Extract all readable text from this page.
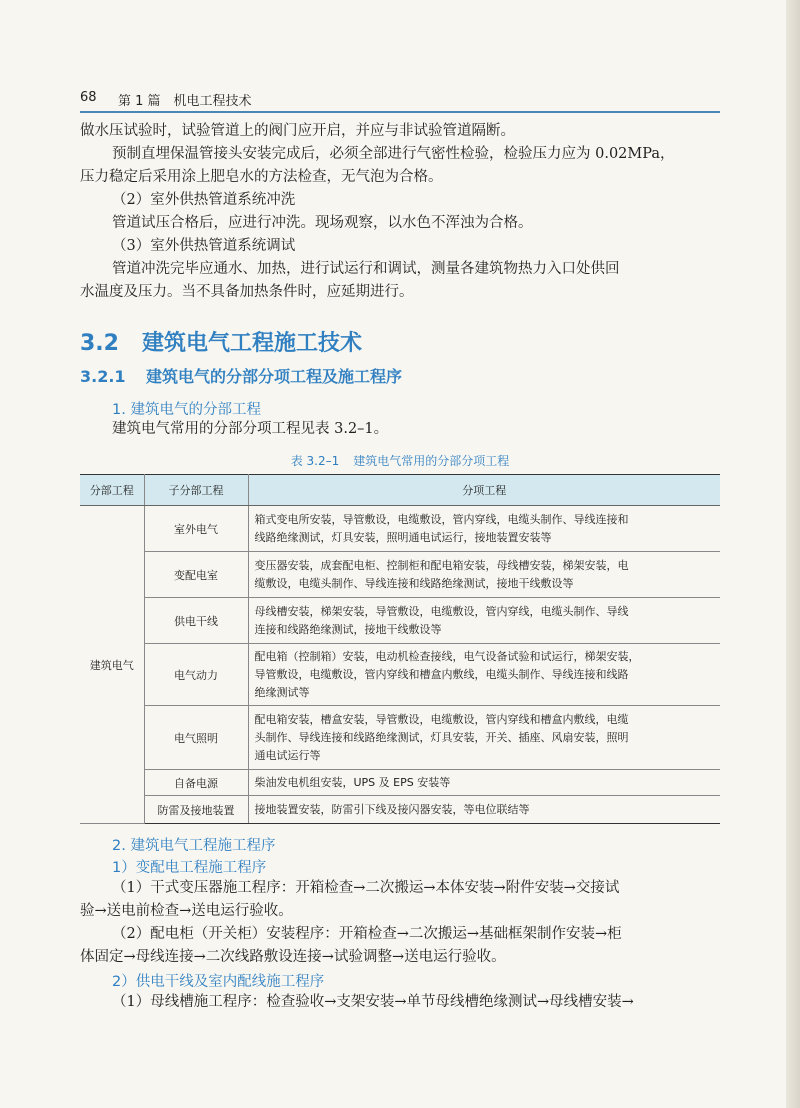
68 第 1 篇　机电工程技术
做水压试验时，试验管道上的阀门应开启，并应与非试验管道隔断。
预制直埋保温管接头安装完成后，必须全部进行气密性检验，检验压力应为 0.02MPa，
压力稳定后采用涂上肥皂水的方法检查，无气泡为合格。
（2）室外供热管道系统冲洗
管道试压合格后，应进行冲洗。现场观察，以水色不浑浊为合格。
（3）室外供热管道系统调试
管道冲洗完毕应通水、加热，进行试运行和调试，测量各建筑物热力入口处供回
水温度及压力。当不具备加热条件时，应延期进行。
3.2 建筑电气工程施工技术
3.2.1 建筑电气的分部分项工程及施工程序
1. 建筑电气的分部工程
建筑电气常用的分部分项工程见表 3.2–1。
表 3.2–1 建筑电气常用的分部分项工程
分部工程	子分部工程	分项工程
建筑电气	室外电气	箱式变电所安装，导管敷设，电缆敷设，管内穿线，电缆头制作、导线连接和
线路绝缘测试，灯具安装，照明通电试运行，接地装置安装等

	变配电室	变压器安装，成套配电柜、控制柜和配电箱安装，母线槽安装，梯架安装，电
缆敷设，电缆头制作、导线连接和线路绝缘测试，接地干线敷设等

	供电干线	母线槽安装，梯架安装，导管敷设，电缆敷设，管内穿线，电缆头制作、导线
连接和线路绝缘测试，接地干线敷设等

	电气动力	配电箱（控制箱）安装，电动机检查接线，电气设备试验和试运行，梯架安装，
导管敷设，电缆敷设，管内穿线和槽盒内敷线，电缆头制作、导线连接和线路
绝缘测试等

	电气照明	配电箱安装，槽盒安装，导管敷设，电缆敷设，管内穿线和槽盒内敷线，电缆
头制作、导线连接和线路绝缘测试，灯具安装，开关、插座、风扇安装，照明
通电试运行等

	自备电源	柴油发电机组安装，UPS 及 EPS 安装等

	防雷及接地装置	接地装置安装，防雷引下线及接闪器安装，等电位联结等
2. 建筑电气工程施工程序
1）变配电工程施工程序
（1）干式变压器施工程序：开箱检查→二次搬运→本体安装→附件安装→交接试
验→送电前检查→送电运行验收。
（2）配电柜（开关柜）安装程序：开箱检查→二次搬运→基础框架制作安装→柜
体固定→母线连接→二次线路敷设连接→试验调整→送电运行验收。
2）供电干线及室内配线施工程序
（1）母线槽施工程序：检查验收→支架安装→单节母线槽绝缘测试→母线槽安装→
